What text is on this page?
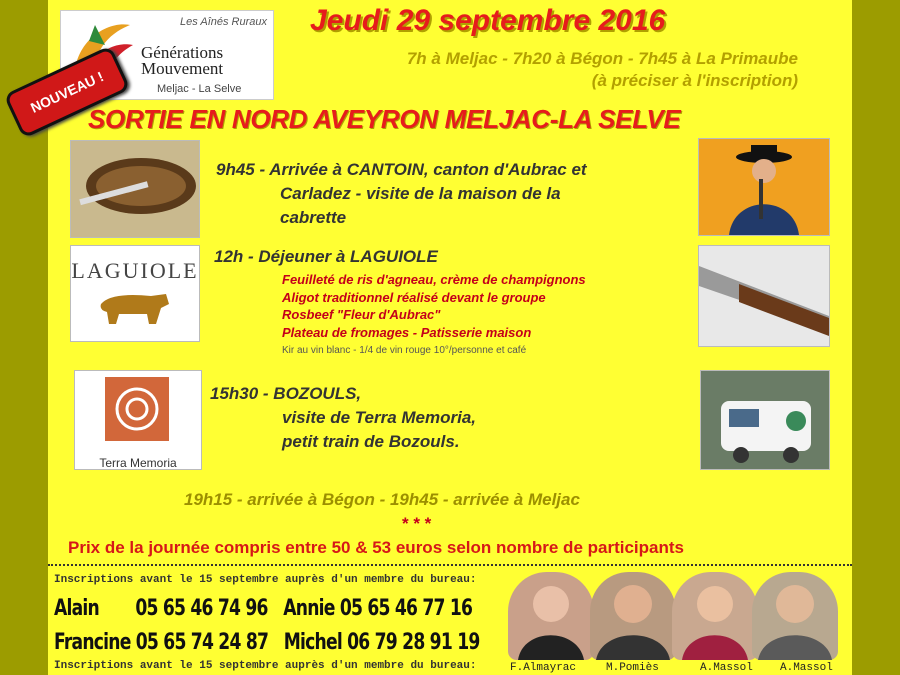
Les Aînés Ruraux
Générations
Mouvement
Meljac - La Selve
Jeudi 29 septembre 2016
7h à Meljac - 7h20 à Bégon - 7h45 à La Primaube
(à préciser à l'inscription)
SORTIE EN NORD AVEYRON MELJAC-LA SELVE
NOUVEAU !
9h45 - Arrivée à CANTOIN, canton d'Aubrac et
Carladez - visite de la maison de la
cabrette
LAGUIOLE
12h - Déjeuner à LAGUIOLE
Feuilleté de ris d'agneau, crème de champignons
Aligot traditionnel réalisé devant le groupe
Rosbeef "Fleur d'Aubrac"
Plateau de fromages - Patisserie maison
Kir au vin blanc - 1/4 de vin rouge 10°/personne et café
Terra Memoria
15h30 - BOZOULS,
visite de Terra Memoria,
petit train de Bozouls.
19h15 - arrivée à Bégon - 19h45 - arrivée à Meljac
* * *
Prix de la journée compris entre 50 & 53 euros selon nombre de participants
Inscriptions avant le 15 septembre auprès d'un membre du bureau:
Alain 05 65 46 74 96 Annie 05 65 46 77 16
Francine 05 65 74 24 87 Michel 06 79 28 91 19
Inscriptions avant le 15 septembre auprès d'un membre du bureau:	F.Almayrac	M.Pomiès	A.Massol A.Massol
